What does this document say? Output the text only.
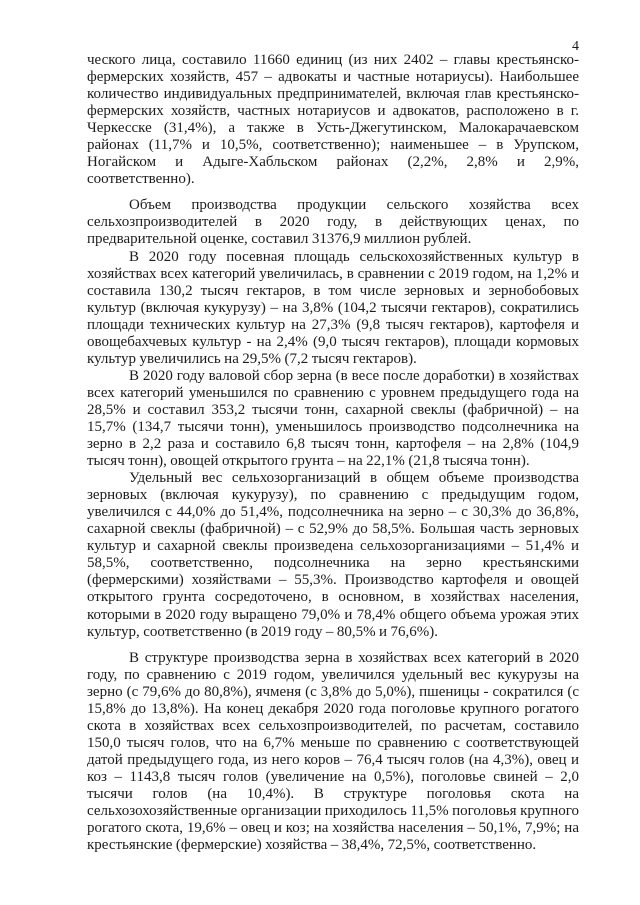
4

ческого лица, составило 11660 единиц (из них 2402 – главы крестьянско-фермерских хозяйств, 457 – адвокаты и частные нотариусы). Наибольшее количество индивидуальных предпринимателей, включая глав крестьянско-фермерских хозяйств, частных нотариусов и адвокатов, расположено в г. Черкесске (31,4%), а также в Усть-Джегутинском, Малокарачаевском районах (11,7% и 10,5%, соответственно); наименьшее – в Урупском, Ногайском и Адыге-Хабльском районах (2,2%, 2,8% и 2,9%, соответственно).

Объем производства продукции сельского хозяйства всех сельхозпроизводителей в 2020 году, в действующих ценах, по предварительной оценке, составил 31376,9 миллион рублей.

В 2020 году посевная площадь сельскохозяйственных культур в хозяйствах всех категорий увеличилась, в сравнении с 2019 годом, на 1,2% и составила 130,2 тысяч гектаров, в том числе зерновых и зернобобовых культур (включая кукурузу) – на 3,8% (104,2 тысячи гектаров), сократились площади технических культур на 27,3% (9,8 тысяч гектаров), картофеля и овощебахчевых культур - на 2,4% (9,0 тысяч гектаров), площади кормовых культур увеличились на 29,5% (7,2 тысяч гектаров).

В 2020 году валовой сбор зерна (в весе после доработки) в хозяйствах всех категорий уменьшился по сравнению с уровнем предыдущего года на 28,5% и составил 353,2 тысячи тонн, сахарной свеклы (фабричной) – на 15,7% (134,7 тысячи тонн), уменьшилось производство подсолнечника на зерно в 2,2 раза и составило 6,8 тысяч тонн, картофеля – на 2,8% (104,9 тысяч тонн), овощей открытого грунта – на 22,1% (21,8 тысяча тонн).

Удельный вес сельхозорганизаций в общем объеме производства зерновых (включая кукурузу), по сравнению с предыдущим годом, увеличился с 44,0% до 51,4%, подсолнечника на зерно – с 30,3% до 36,8%, сахарной свеклы (фабричной) – с 52,9% до 58,5%. Большая часть зерновых культур и сахарной свеклы произведена сельхозорганизациями – 51,4% и 58,5%, соответственно, подсолнечника на зерно крестьянскими (фермерскими) хозяйствами – 55,3%. Производство картофеля и овощей открытого грунта сосредоточено, в основном, в хозяйствах населения, которыми в 2020 году выращено 79,0% и 78,4% общего объема урожая этих культур, соответственно (в 2019 году – 80,5% и 76,6%).

В структуре производства зерна в хозяйствах всех категорий в 2020 году, по сравнению с 2019 годом, увеличился удельный вес кукурузы на зерно (с 79,6% до 80,8%), ячменя (с 3,8% до 5,0%), пшеницы - сократился (с 15,8% до 13,8%). На конец декабря 2020 года поголовье крупного рогатого скота в хозяйствах всех сельхозпроизводителей, по расчетам, составило 150,0 тысяч голов, что на 6,7% меньше по сравнению с соответствующей датой предыдущего года, из него коров – 76,4 тысяч голов (на 4,3%), овец и коз – 1143,8 тысяч голов (увеличение на 0,5%), поголовье свиней – 2,0 тысячи голов (на 10,4%). В структуре поголовья скота на сельхозохозяйственные организации приходилось 11,5% поголовья крупного рогатого скота, 19,6% – овец и коз; на хозяйства населения – 50,1%, 7,9%; на крестьянские (фермерские) хозяйства – 38,4%, 72,5%, соответственно.
